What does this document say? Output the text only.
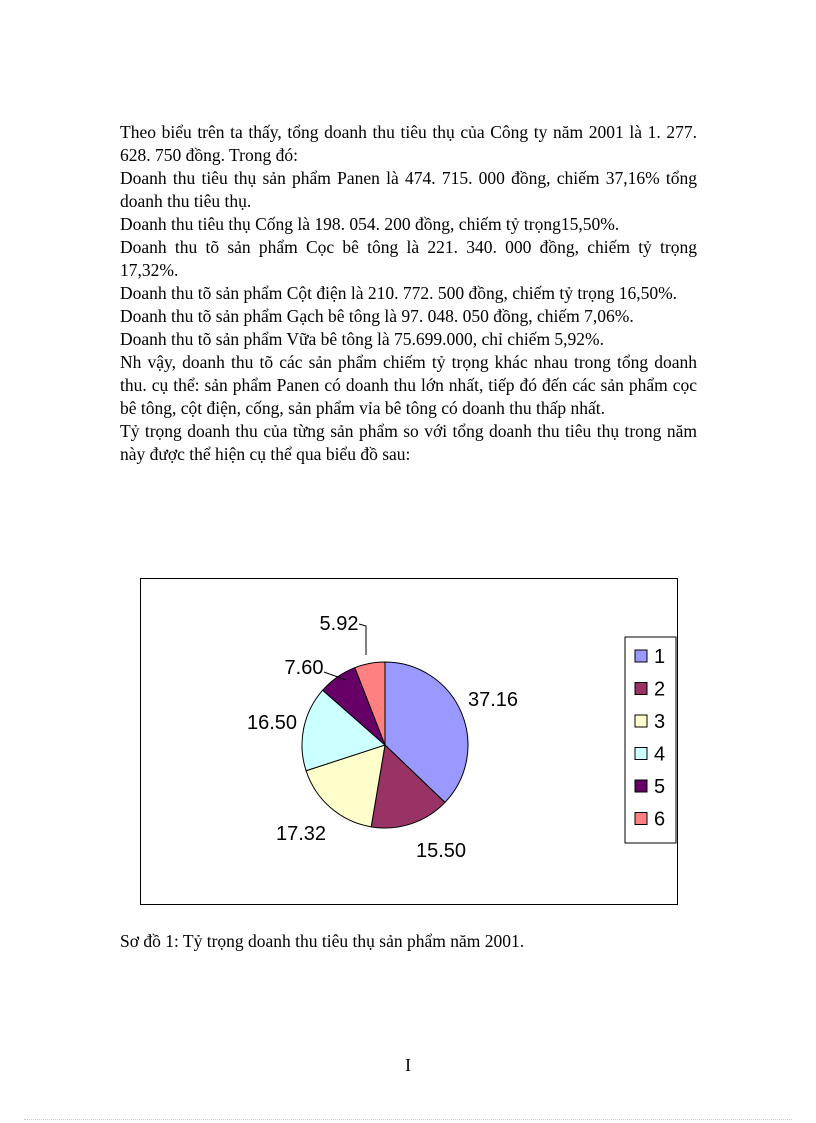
Theo biểu trên ta thấy, tổng doanh thu tiêu thụ của Công ty năm 2001 là 1. 277. 628. 750 đồng. Trong đó:

Doanh thu tiêu thụ sản phẩm Panen là 474. 715. 000 đồng, chiếm 37,16% tổng doanh thu tiêu thụ.

Doanh thu tiêu thụ Cống là 198. 054. 200 đồng, chiếm tỷ trọng15,50%.

Doanh thu tõ sản phẩm Cọc bê tông là 221. 340. 000 đồng, chiếm tỷ trọng 17,32%.

Doanh thu tõ sản phẩm Cột điện là 210. 772. 500 đồng, chiếm tỷ trọng 16,50%.

Doanh thu tõ sản phẩm Gạch bê tông là 97. 048. 050 đồng, chiếm 7,06%.

Doanh thu tõ sản phẩm Vữa bê tông là 75.699.000, chỉ chiếm 5,92%.

Nh vậy, doanh thu tõ các sản phẩm chiếm tỷ trọng khác nhau trong tổng doanh thu. cụ thể: sản phẩm Panen có doanh thu lớn nhất, tiếp đó đến các sản phẩm cọc bê tông, cột điện, cống, sản phẩm vỉa bê tông có doanh thu thấp nhất.

Tỷ trọng doanh thu của từng sản phẩm so với tổng doanh thu tiêu thụ trong năm này được thể hiện cụ thể qua biểu đồ sau:

37.16
15.50
17.32
16.50
7.60
5.92
1
2
3
4
5
6
Sơ đồ 1: Tỷ trọng doanh thu tiêu thụ sản phẩm năm 2001.
I
